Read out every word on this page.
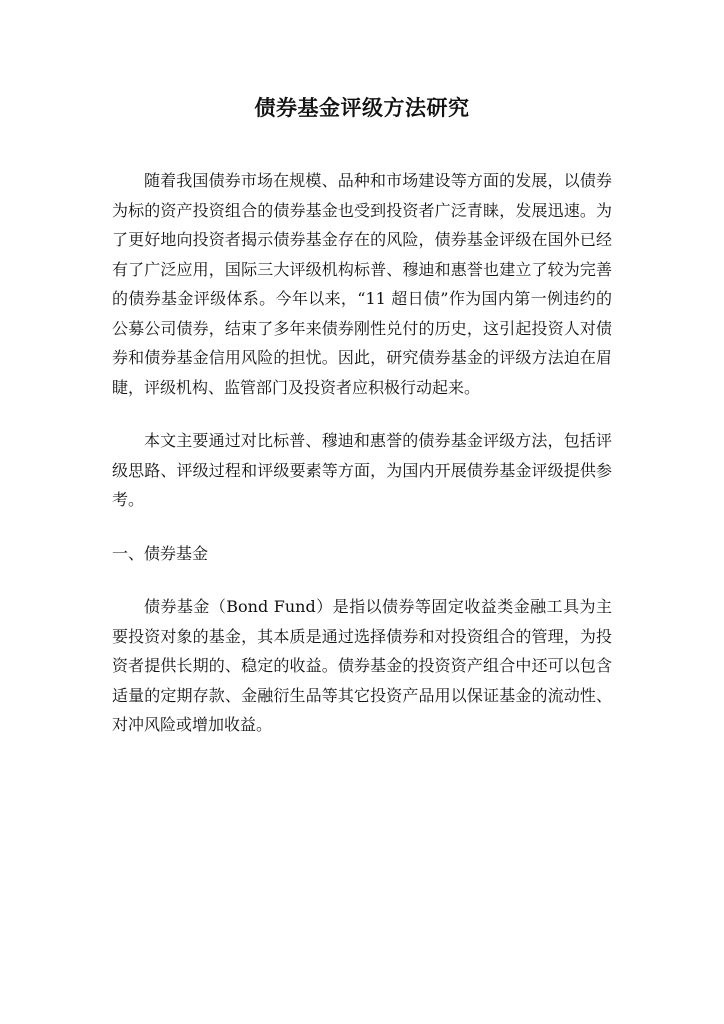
债券基金评级方法研究

随着我国债券市场在规模、品种和市场建设等方面的发展，以债券为标的资产投资组合的债券基金也受到投资者广泛青睐，发展迅速。为了更好地向投资者揭示债券基金存在的风险，债券基金评级在国外已经有了广泛应用，国际三大评级机构标普、穆迪和惠誉也建立了较为完善的债券基金评级体系。今年以来，“11 超日债”作为国内第一例违约的公募公司债券，结束了多年来债券刚性兑付的历史，这引起投资人对债券和债券基金信用风险的担忧。因此，研究债券基金的评级方法迫在眉睫，评级机构、监管部门及投资者应积极行动起来。

本文主要通过对比标普、穆迪和惠誉的债券基金评级方法，包括评级思路、评级过程和评级要素等方面，为国内开展债券基金评级提供参考。

一、债券基金

债券基金（Bond Fund）是指以债券等固定收益类金融工具为主要投资对象的基金，其本质是通过选择债券和对投资组合的管理，为投资者提供长期的、稳定的收益。债券基金的投资资产组合中还可以包含适量的定期存款、金融衍生品等其它投资产品用以保证基金的流动性、对冲风险或增加收益。
